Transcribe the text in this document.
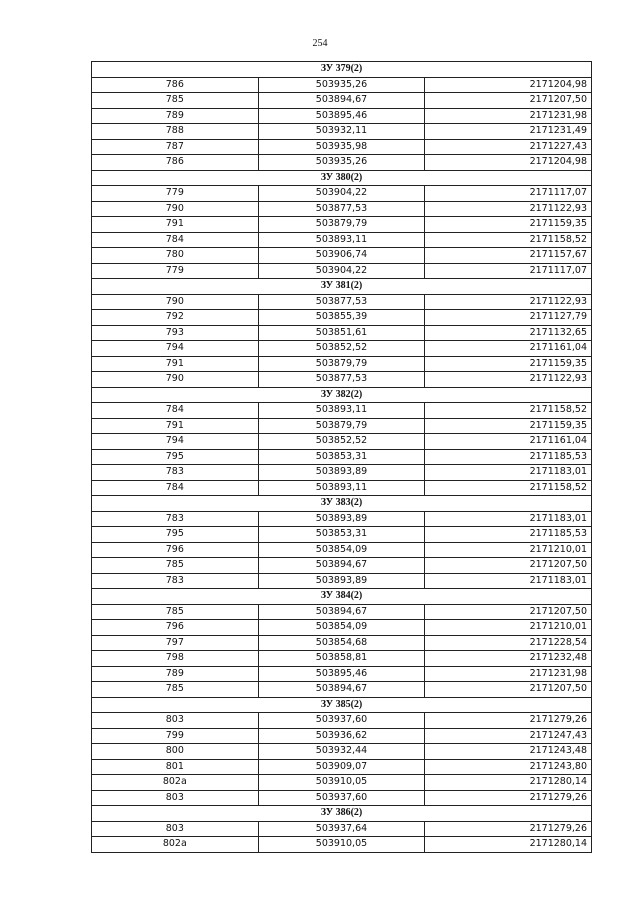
254
ЗУ 379(2)		
786	503935,26	2171204,98
785	503894,67	2171207,50
789	503895,46	2171231,98
788	503932,11	2171231,49
787	503935,98	2171227,43
786	503935,26	2171204,98
ЗУ 380(2)		
779	503904,22	2171117,07
790	503877,53	2171122,93
791	503879,79	2171159,35
784	503893,11	2171158,52
780	503906,74	2171157,67
779	503904,22	2171117,07
ЗУ 381(2)		
790	503877,53	2171122,93
792	503855,39	2171127,79
793	503851,61	2171132,65
794	503852,52	2171161,04
791	503879,79	2171159,35
790	503877,53	2171122,93
ЗУ 382(2)		
784	503893,11	2171158,52
791	503879,79	2171159,35
794	503852,52	2171161,04
795	503853,31	2171185,53
783	503893,89	2171183,01
784	503893,11	2171158,52
ЗУ 383(2)		
783	503893,89	2171183,01
795	503853,31	2171185,53
796	503854,09	2171210,01
785	503894,67	2171207,50
783	503893,89	2171183,01
ЗУ 384(2)		
785	503894,67	2171207,50
796	503854,09	2171210,01
797	503854,68	2171228,54
798	503858,81	2171232,48
789	503895,46	2171231,98
785	503894,67	2171207,50
ЗУ 385(2)		
803	503937,60	2171279,26
799	503936,62	2171247,43
800	503932,44	2171243,48
801	503909,07	2171243,80
802а	503910,05	2171280,14
803	503937,60	2171279,26
ЗУ 386(2)		
803	503937,64	2171279,26
802а	503910,05	2171280,14
